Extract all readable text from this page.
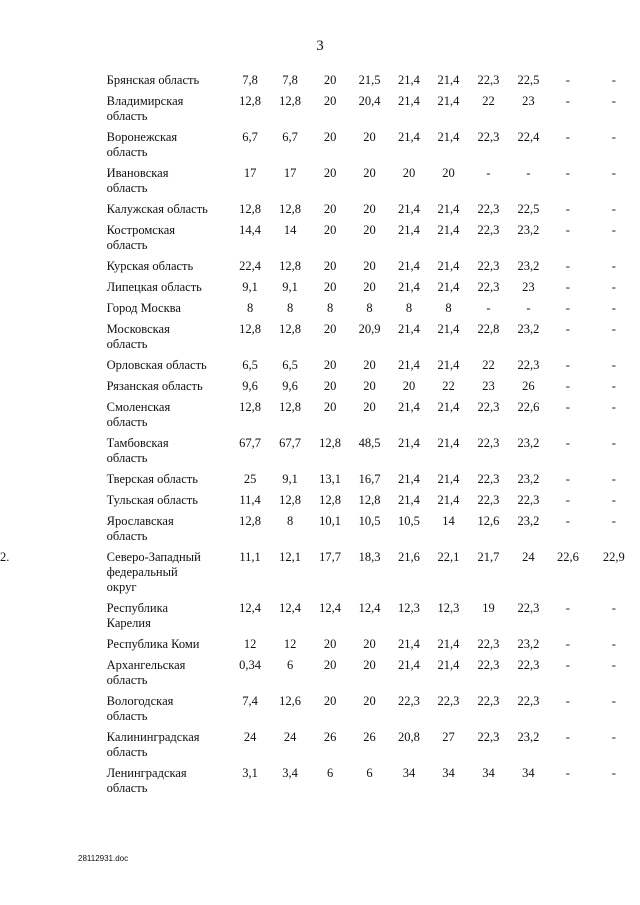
3
	Брянская область	7,8	7,8	20	21,5	21,4	21,4	22,3	22,5	-	-
	Владимирская
область	12,8	12,8	20	20,4	21,4	21,4	22	23	-	-
	Воронежская
область	6,7	6,7	20	20	21,4	21,4	22,3	22,4	-	-
	Ивановская
область	17	17	20	20	20	20	-	-	-	-
	Калужская область	12,8	12,8	20	20	21,4	21,4	22,3	22,5	-	-
	Костромская
область	14,4	14	20	20	21,4	21,4	22,3	23,2	-	-
	Курская область	22,4	12,8	20	20	21,4	21,4	22,3	23,2	-	-
	Липецкая область	9,1	9,1	20	20	21,4	21,4	22,3	23	-	-
	Город Москва	8	8	8	8	8	8	-	-	-	-
	Московская
область	12,8	12,8	20	20,9	21,4	21,4	22,8	23,2	-	-
	Орловская область	6,5	6,5	20	20	21,4	21,4	22	22,3	-	-
	Рязанская область	9,6	9,6	20	20	20	22	23	26	-	-
	Смоленская
область	12,8	12,8	20	20	21,4	21,4	22,3	22,6	-	-
	Тамбовская
область	67,7	67,7	12,8	48,5	21,4	21,4	22,3	23,2	-	-
	Тверская область	25	9,1	13,1	16,7	21,4	21,4	22,3	23,2	-	-
	Тульская область	11,4	12,8	12,8	12,8	21,4	21,4	22,3	22,3	-	-
	Ярославская
область	12,8	8	10,1	10,5	10,5	14	12,6	23,2	-	-
2.	Северо-Западный
федеральный
округ	11,1	12,1	17,7	18,3	21,6	22,1	21,7	24	22,6	22,9
	Республика
Карелия	12,4	12,4	12,4	12,4	12,3	12,3	19	22,3	-	-
	Республика Коми	12	12	20	20	21,4	21,4	22,3	23,2	-	-
	Архангельская
область	0,34	6	20	20	21,4	21,4	22,3	22,3	-	-
	Вологодская
область	7,4	12,6	20	20	22,3	22,3	22,3	22,3	-	-
	Калининградская
область	24	24	26	26	20,8	27	22,3	23,2	-	-
	Ленинградская
область	3,1	3,4	6	6	34	34	34	34	-	-
28112931.doc
